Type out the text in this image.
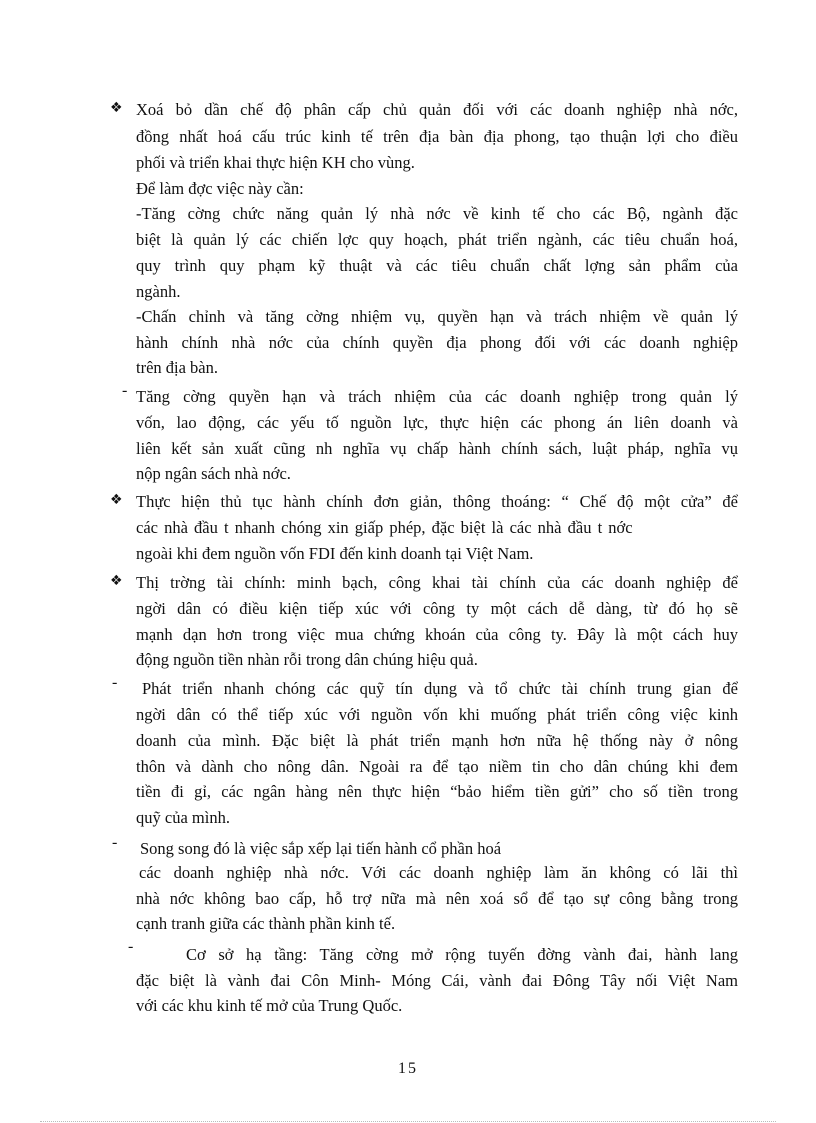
❖ Xoá bỏ dần chế độ phân cấp chủ quản đối với các doanh nghiệp nhà nớc,
đồng nhất hoá cấu trúc kinh tế trên địa bàn địa phong, tạo thuận lợi cho điều
phối và triển khai thực hiện KH cho vùng.
Để làm đợc việc này cần:
-Tăng cờng chức năng quản lý nhà nớc về kinh tế cho các Bộ, ngành đặc
biệt là quản lý các chiến lợc quy hoạch, phát triển ngành, các tiêu chuẩn hoá,
quy trình quy phạm kỹ thuật và các tiêu chuẩn chất lợng sản phẩm của
ngành.
-Chấn chỉnh và tăng cờng nhiệm vụ, quyền hạn và trách nhiệm về quản lý
hành chính nhà nớc của chính quyền địa phong đối với các doanh nghiệp
trên địa bàn.
- Tăng cờng quyền hạn và trách nhiệm của các doanh nghiệp trong quản lý
vốn, lao động, các yếu tố nguồn lực, thực hiện các phong án liên doanh và
liên kết sản xuất cũng nh nghĩa vụ chấp hành chính sách, luật pháp, nghĩa vụ
nộp ngân sách nhà nớc.
❖ Thực hiện thủ tục hành chính đơn giản, thông thoáng: “ Chế độ một cửa” để
các nhà đầu t nhanh chóng xin giấp phép, đặc biệt là các nhà đầu t nớc
ngoài khi đem nguồn vốn FDI đến kinh doanh tại Việt Nam.
❖ Thị trờng tài chính: minh bạch, công khai tài chính của các doanh nghiệp để
ngời dân có điều kiện tiếp xúc với công ty một cách dễ dàng, từ đó họ sẽ
mạnh dạn hơn trong việc mua chứng khoán của công ty. Đây là một cách huy
động nguồn tiền nhàn rỗi trong dân chúng hiệu quả.
- Phát triển nhanh chóng các quỹ tín dụng và tổ chức tài chính trung gian để
ngời dân có thể tiếp xúc với nguồn vốn khi muống phát triển công việc kinh
doanh của mình. Đặc biệt là phát triển mạnh hơn nữa hệ thống này ở nông
thôn và dành cho nông dân. Ngoài ra để tạo niềm tin cho dân chúng khi đem
tiền đi gỉ, các ngân hàng nên thực hiện “bảo hiểm tiền gửi” cho số tiền trong
quỹ của mình.
- Song song đó là việc sắp xếp lại tiến hành cổ phần hoá
các doanh nghiệp nhà nớc. Với các doanh nghiệp làm ăn không có lãi thì
nhà nớc không bao cấp, hỗ trợ nữa mà nên xoá sổ để tạo sự công bằng trong
cạnh tranh giữa các thành phần kinh tế.
-	Cơ sở hạ tầng: Tăng cờng mở rộng tuyến đờng vành đai, hành lang
đặc biệt là vành đai Côn Minh- Móng Cái, vành đai Đông Tây nối Việt Nam
với các khu kinh tế mở của Trung Quốc.
15
